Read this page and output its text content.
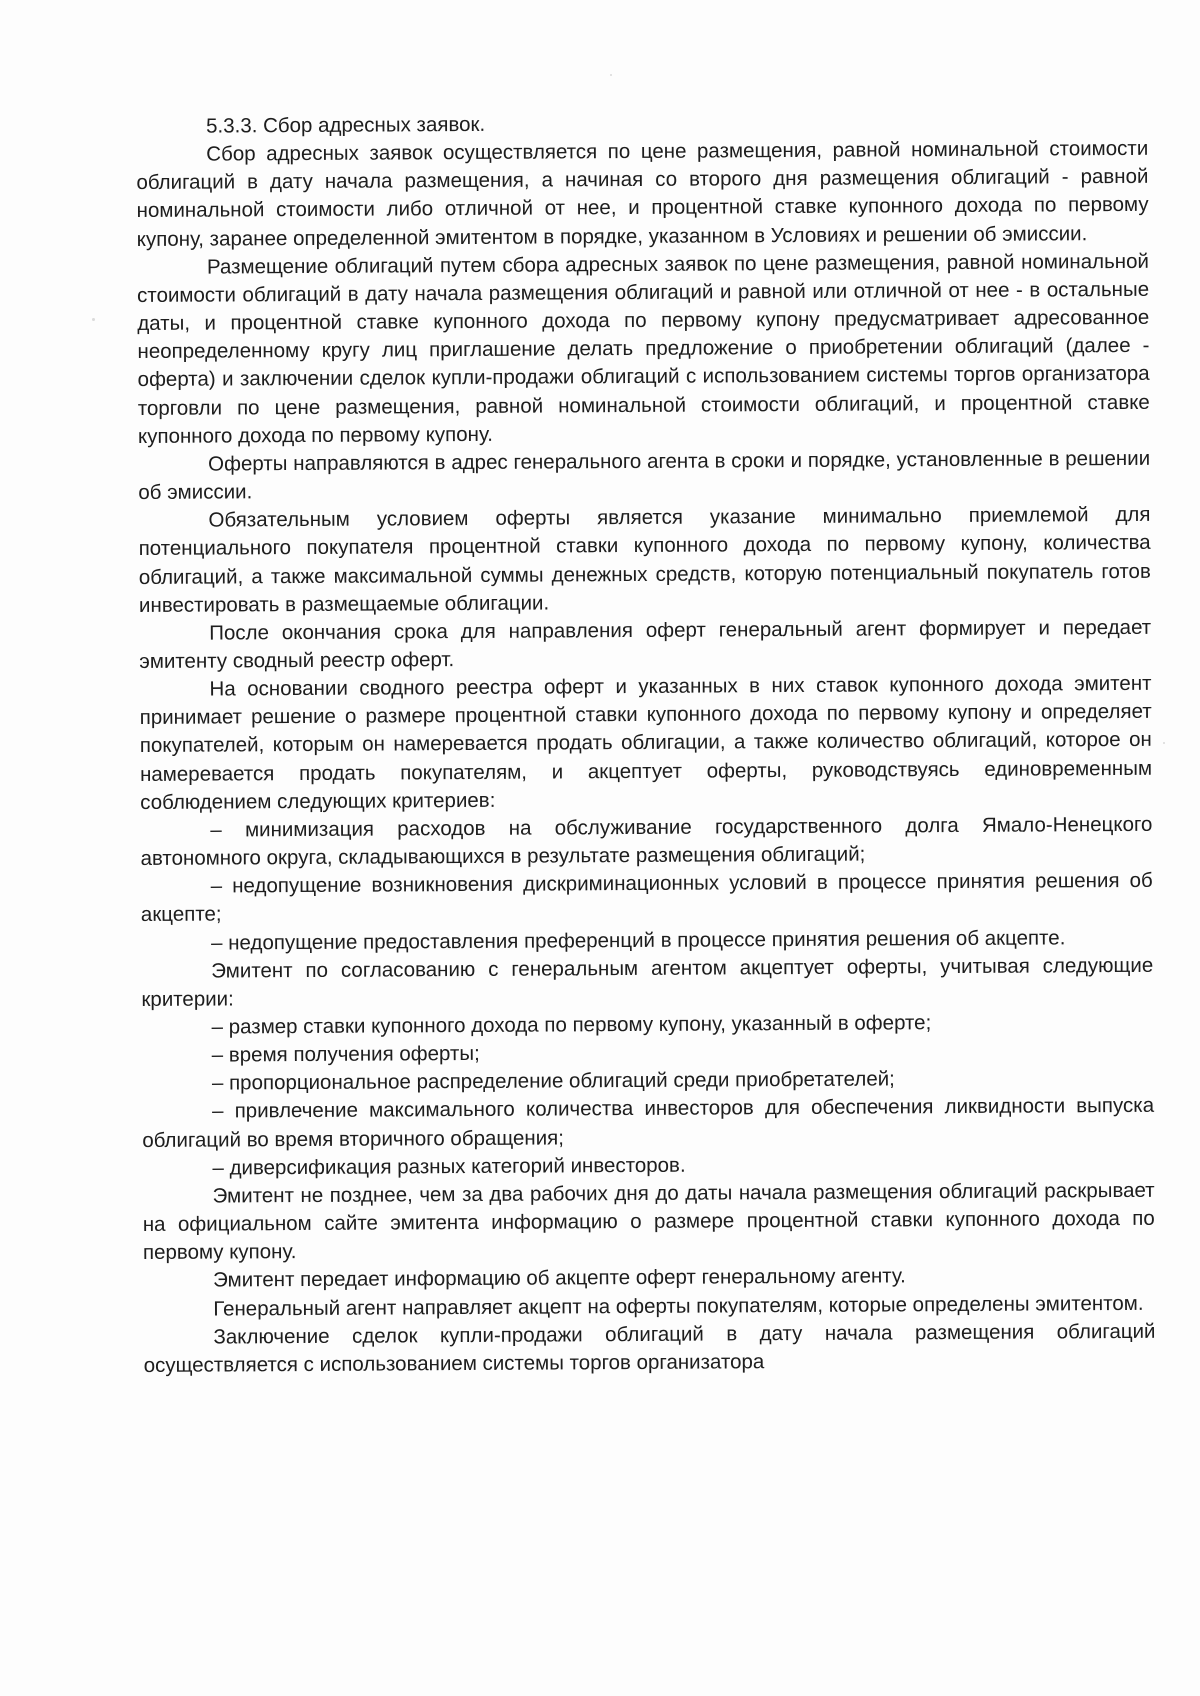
5.3.3. Сбор адресных заявок.

Сбор адресных заявок осуществляется по цене размещения, равной номинальной стоимости облигаций в дату начала размещения, а начиная со второго дня размещения облигаций - равной номинальной стоимости либо отличной от нее, и процентной ставке купонного дохода по первому купону, заранее определенной эмитентом в порядке, указанном в Условиях и решении об эмиссии.

Размещение облигаций путем сбора адресных заявок по цене размещения, равной номинальной стоимости облигаций в дату начала размещения облигаций и равной или отличной от нее - в остальные даты, и процентной ставке купонного дохода по первому купону предусматривает адресованное неопределенному кругу лиц приглашение делать предложение о приобретении облигаций (далее - оферта) и заключении сделок купли-продажи облигаций с использованием системы торгов организатора торговли по цене размещения, равной номинальной стоимости облигаций, и процентной ставке купонного дохода по первому купону.

Оферты направляются в адрес генерального агента в сроки и порядке, установленные в решении об эмиссии.

Обязательным условием оферты является указание минимально приемлемой для потенциального покупателя процентной ставки купонного дохода по первому купону, количества облигаций, а также максимальной суммы денежных средств, которую потенциальный покупатель готов инвестировать в размещаемые облигации.

После окончания срока для направления оферт генеральный агент формирует и передает эмитенту сводный реестр оферт.

На основании сводного реестра оферт и указанных в них ставок купонного дохода эмитент принимает решение о размере процентной ставки купонного дохода по первому купону и определяет покупателей, которым он намеревается продать облигации, а также количество облигаций, которое он намеревается продать покупателям, и акцептует оферты, руководствуясь единовременным соблюдением следующих критериев:

– минимизация расходов на обслуживание государственного долга Ямало-Ненецкого автономного округа, складывающихся в результате размещения облигаций;

– недопущение возникновения дискриминационных условий в процессе принятия решения об акцепте;

– недопущение предоставления преференций в процессе принятия решения об акцепте.

Эмитент по согласованию с генеральным агентом акцептует оферты, учитывая следующие критерии:

– размер ставки купонного дохода по первому купону, указанный в оферте;

– время получения оферты;

– пропорциональное распределение облигаций среди приобретателей;

– привлечение максимального количества инвесторов для обеспечения ликвидности выпуска облигаций во время вторичного обращения;

– диверсификация разных категорий инвесторов.

Эмитент не позднее, чем за два рабочих дня до даты начала размещения облигаций раскрывает на официальном сайте эмитента информацию о размере процентной ставки купонного дохода по первому купону.

Эмитент передает информацию об акцепте оферт генеральному агенту.

Генеральный агент направляет акцепт на оферты покупателям, которые определены эмитентом.

Заключение сделок купли-продажи облигаций в дату начала размещения облигаций осуществляется с использованием системы торгов организатора
